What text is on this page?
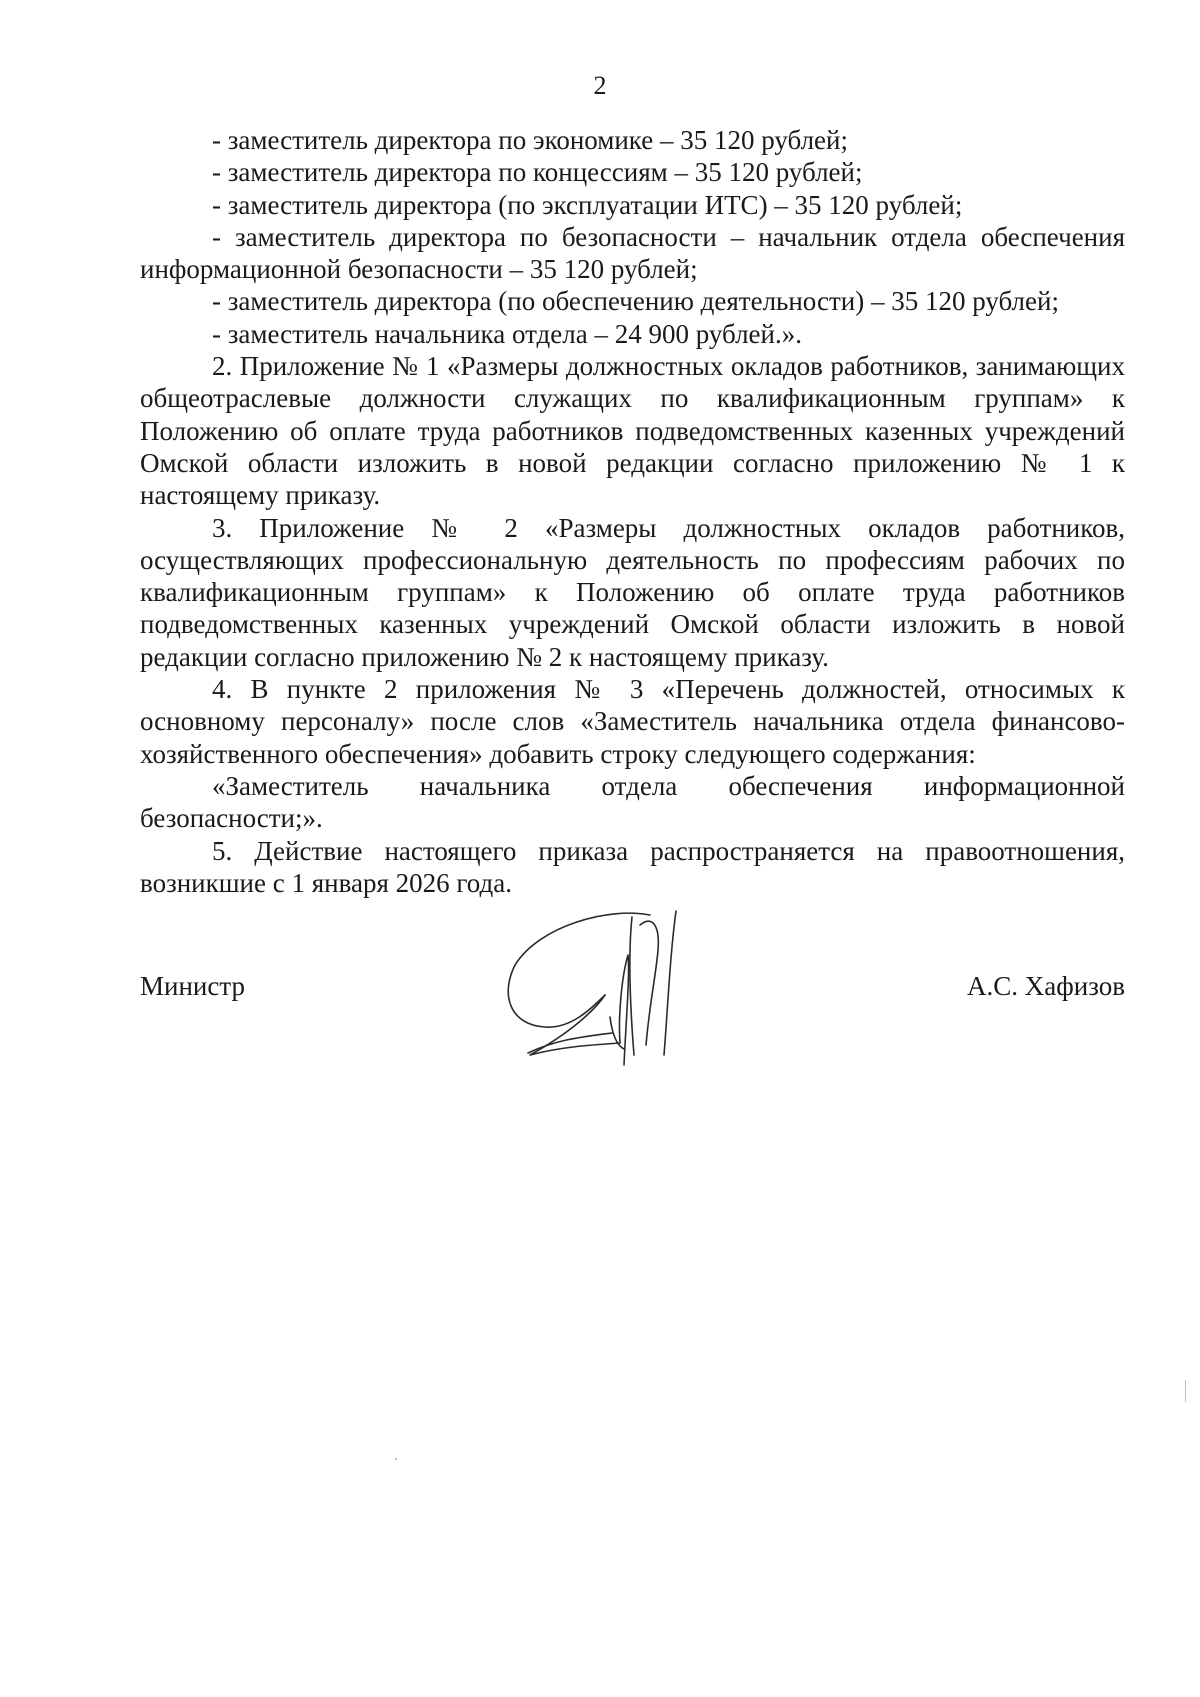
2

- заместитель директора по экономике – 35 120 рублей;

- заместитель директора по концессиям – 35 120 рублей;

- заместитель директора (по эксплуатации ИТС) – 35 120 рублей;

- заместитель директора по безопасности – начальник отдела обеспечения информационной безопасности – 35 120 рублей;

- заместитель директора (по обеспечению деятельности) – 35 120 рублей;

- заместитель начальника отдела – 24 900 рублей.».

2. Приложение № 1 «Размеры должностных окладов работников, занимающих общеотраслевые должности служащих по квалификационным группам» к Положению об оплате труда работников подведомственных казенных учреждений Омской области изложить в новой редакции согласно приложению № 1 к настоящему приказу.

3. Приложение № 2 «Размеры должностных окладов работников, осуществляющих профессиональную деятельность по профессиям рабочих по квалификационным группам» к Положению об оплате труда работников подведомственных казенных учреждений Омской области изложить в новой редакции согласно приложению № 2 к настоящему приказу.

4. В пункте 2 приложения № 3 «Перечень должностей, относимых к основному персоналу» после слов «Заместитель начальника отдела финансово-хозяйственного обеспечения» добавить строку следующего содержания:

«Заместитель начальника отдела обеспечения информационной безопасности;».

5. Действие настоящего приказа распространяется на правоотношения, возникшие с 1 января 2026 года.

Министр	А.С. Хафизов
